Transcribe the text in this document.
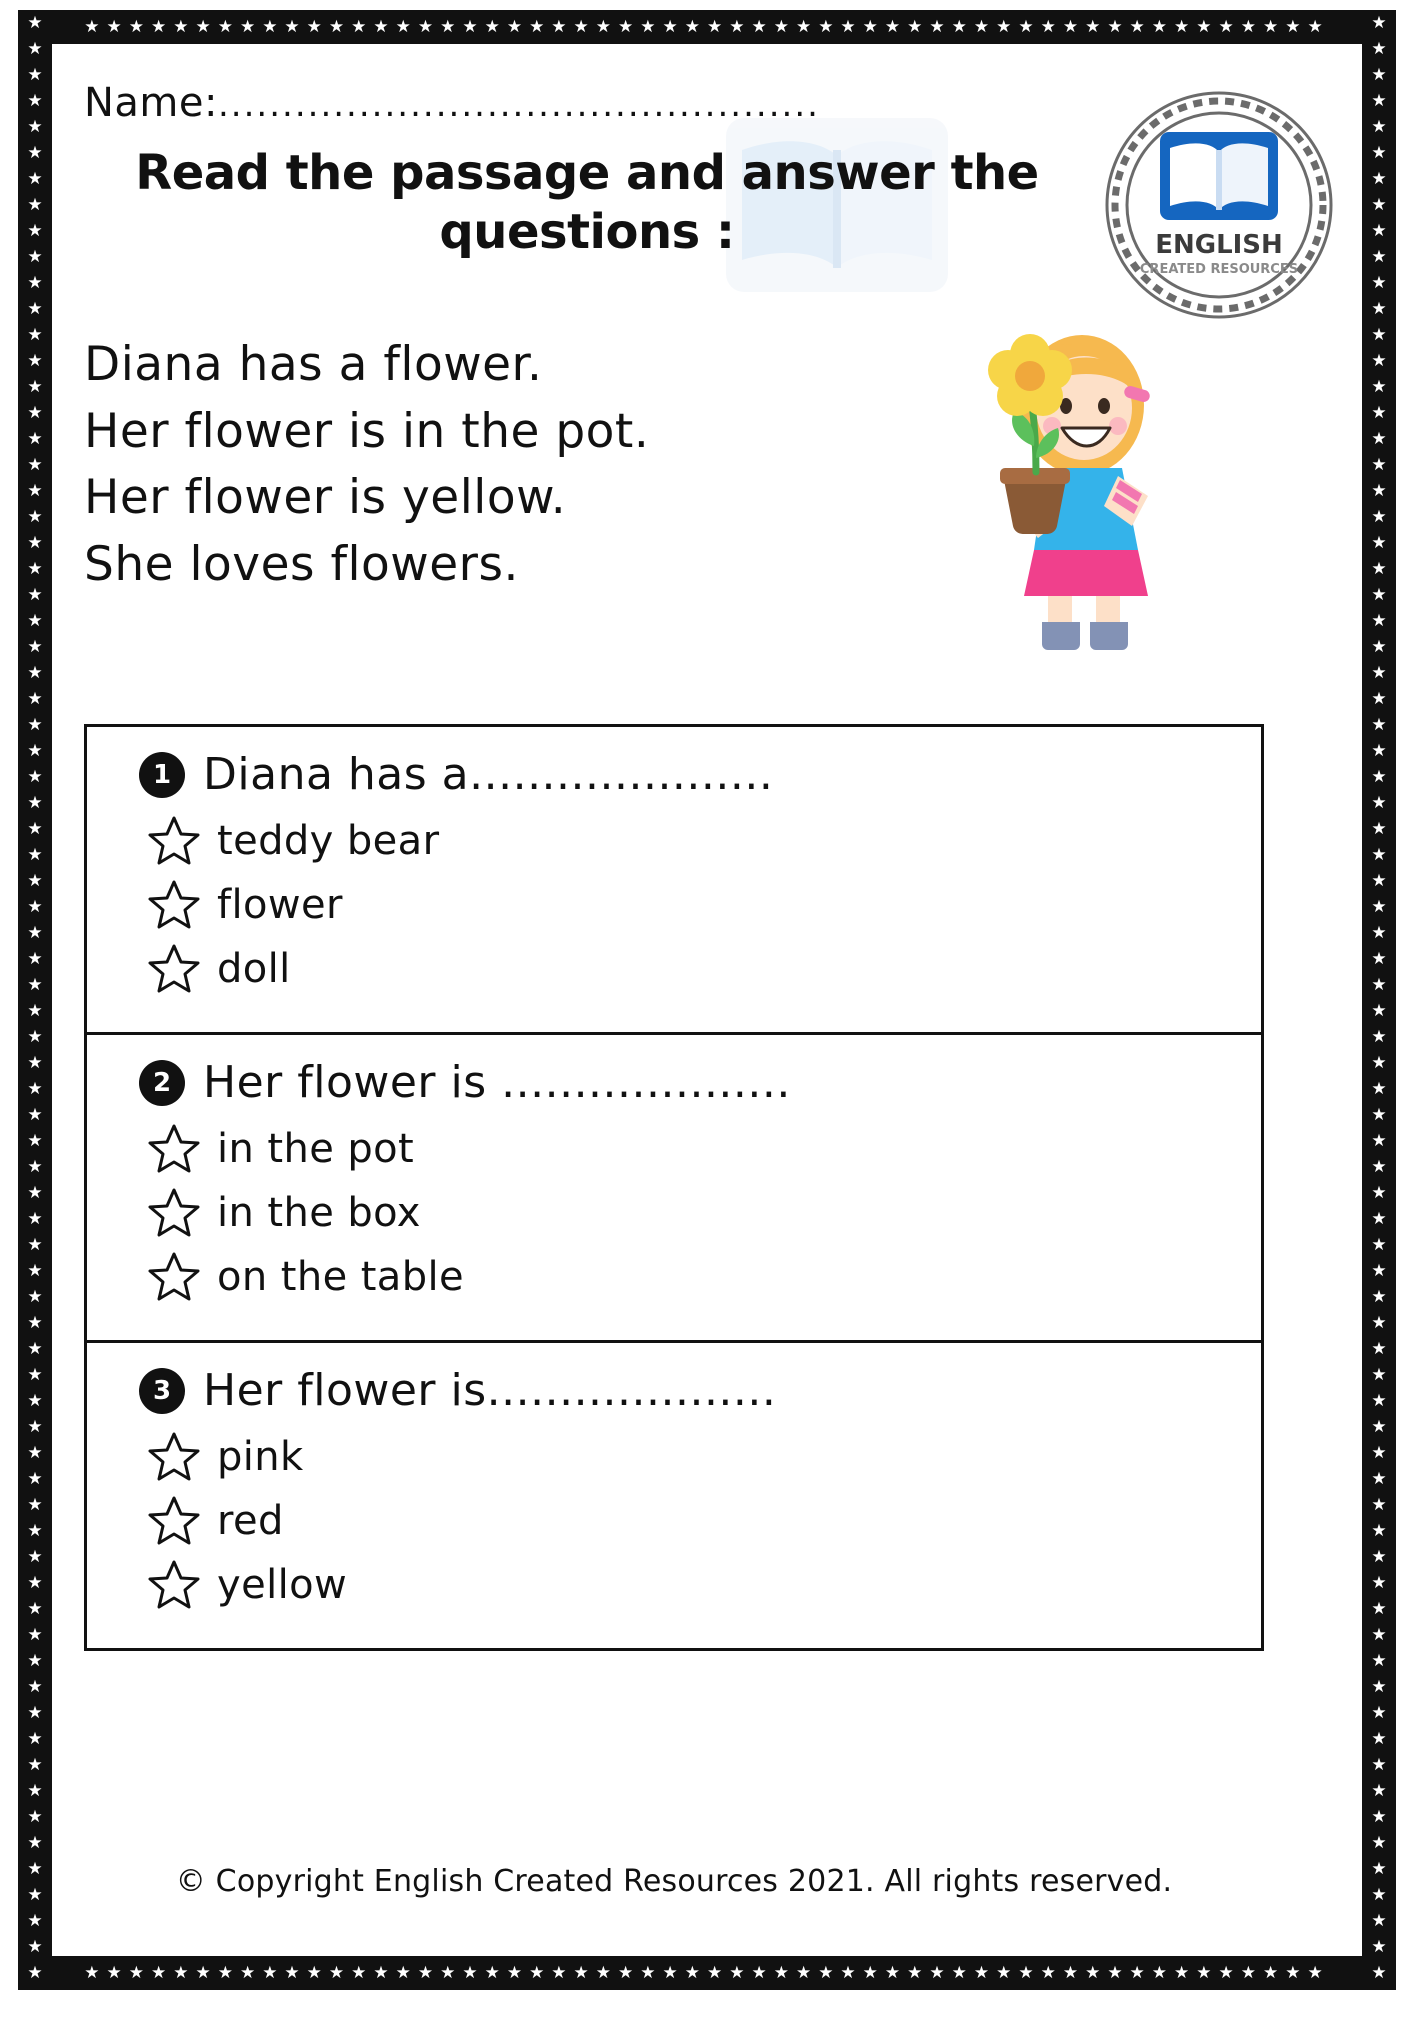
★★★★★★★★★★★★★★★★★★★★★★★★★★★★★★★★★★★★★★★★★★★★★★★★★★★★★★★★
★★★★★★★★★★★★★★★★★★★★★★★★★★★★★★★★★★★★★★★★★★★★★★★★★★★★★★★★
★
★
★
★
★
★
★
★
★
★
★
★
★
★
★
★
★
★
★
★
★
★
★
★
★
★
★
★
★
★
★
★
★
★
★
★
★
★
★
★
★
★
★
★
★
★
★
★
★
★
★
★
★
★
★
★
★
★
★
★
★
★
★
★
★
★
★
★
★
★
★
★
★
★
★
★
★
★
★
★
★
★
★
★
★
★
★
★
★
★
★
★
★
★
★
★
★
★
★
★
★
★
★
★
★
★
★
★
★
★
★
★
★
★
★
★
★
★
★
★
★
★
★
★
★
★
★
★
★
★
★
★
★
★
★
★
★
★
★
★
★
★
★
★
★
★
★
★
★
★
★
★
★
★
★
★
Name:...............................................
Read the passage and answer the questions :	ENGLISH
CREATED RESOURCES
Diana has a flower.
Her flower is in the pot.
Her flower is yellow.
She loves flowers.
1 Diana has a.....................
teddy bear
flower
doll
2 Her flower is ....................
in the pot
in the box
on the table
3 Her flower is....................
pink
red
yellow
© Copyright English Created Resources 2021. All rights reserved.
